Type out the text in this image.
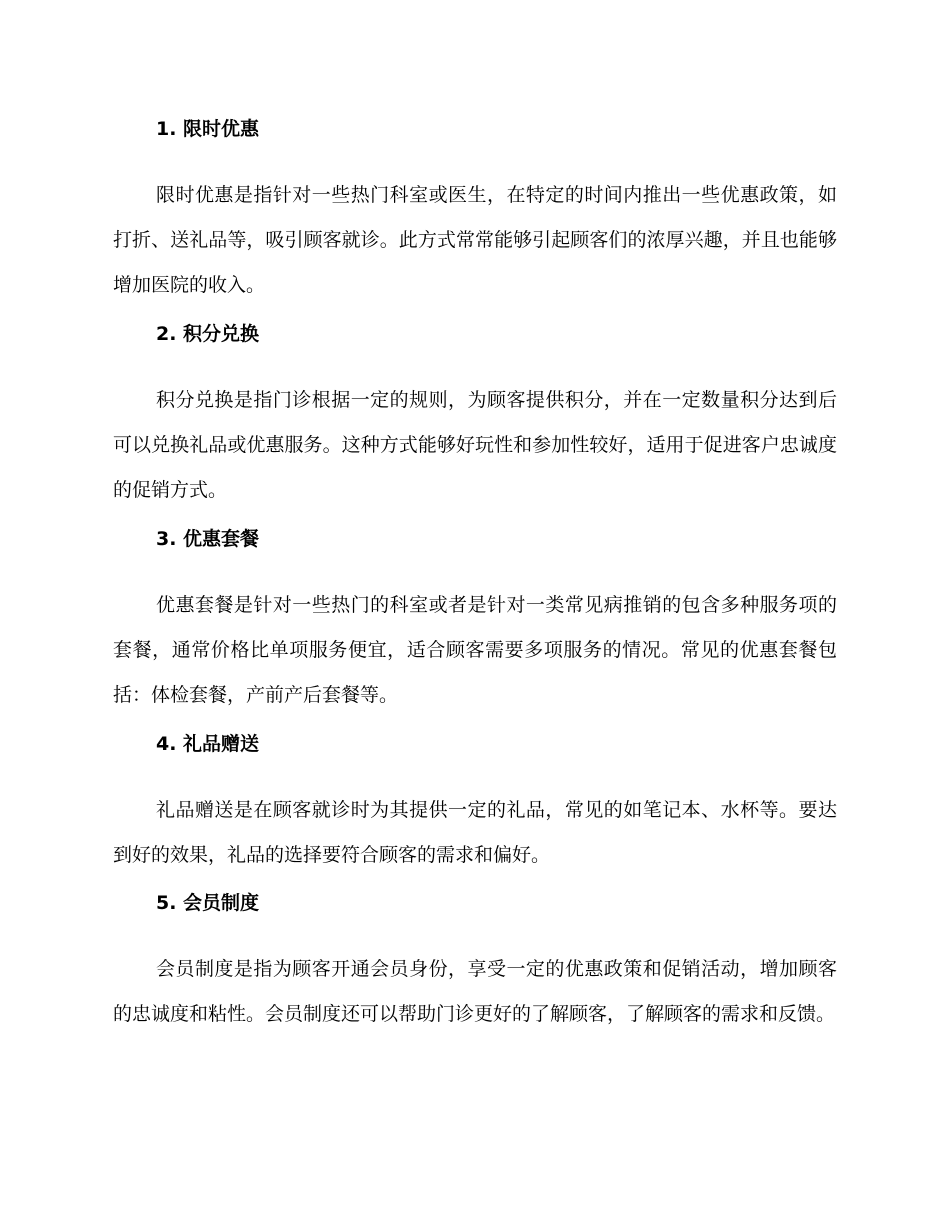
1. 限时优惠

限时优惠是指针对一些热门科室或医生，在特定的时间内推出一些优惠政策，如打折、送礼品等，吸引顾客就诊。此方式常常能够引起顾客们的浓厚兴趣，并且也能够增加医院的收入。

2. 积分兑换

积分兑换是指门诊根据一定的规则，为顾客提供积分，并在一定数量积分达到后可以兑换礼品或优惠服务。这种方式能够好玩性和参加性较好，适用于促进客户忠诚度的促销方式。

3. 优惠套餐

优惠套餐是针对一些热门的科室或者是针对一类常见病推销的包含多种服务项的套餐，通常价格比单项服务便宜，适合顾客需要多项服务的情况。常见的优惠套餐包括：体检套餐，产前产后套餐等。

4. 礼品赠送

礼品赠送是在顾客就诊时为其提供一定的礼品，常见的如笔记本、水杯等。要达到好的效果，礼品的选择要符合顾客的需求和偏好。

5. 会员制度

会员制度是指为顾客开通会员身份，享受一定的优惠政策和促销活动，增加顾客的忠诚度和粘性。会员制度还可以帮助门诊更好的了解顾客，了解顾客的需求和反馈。
